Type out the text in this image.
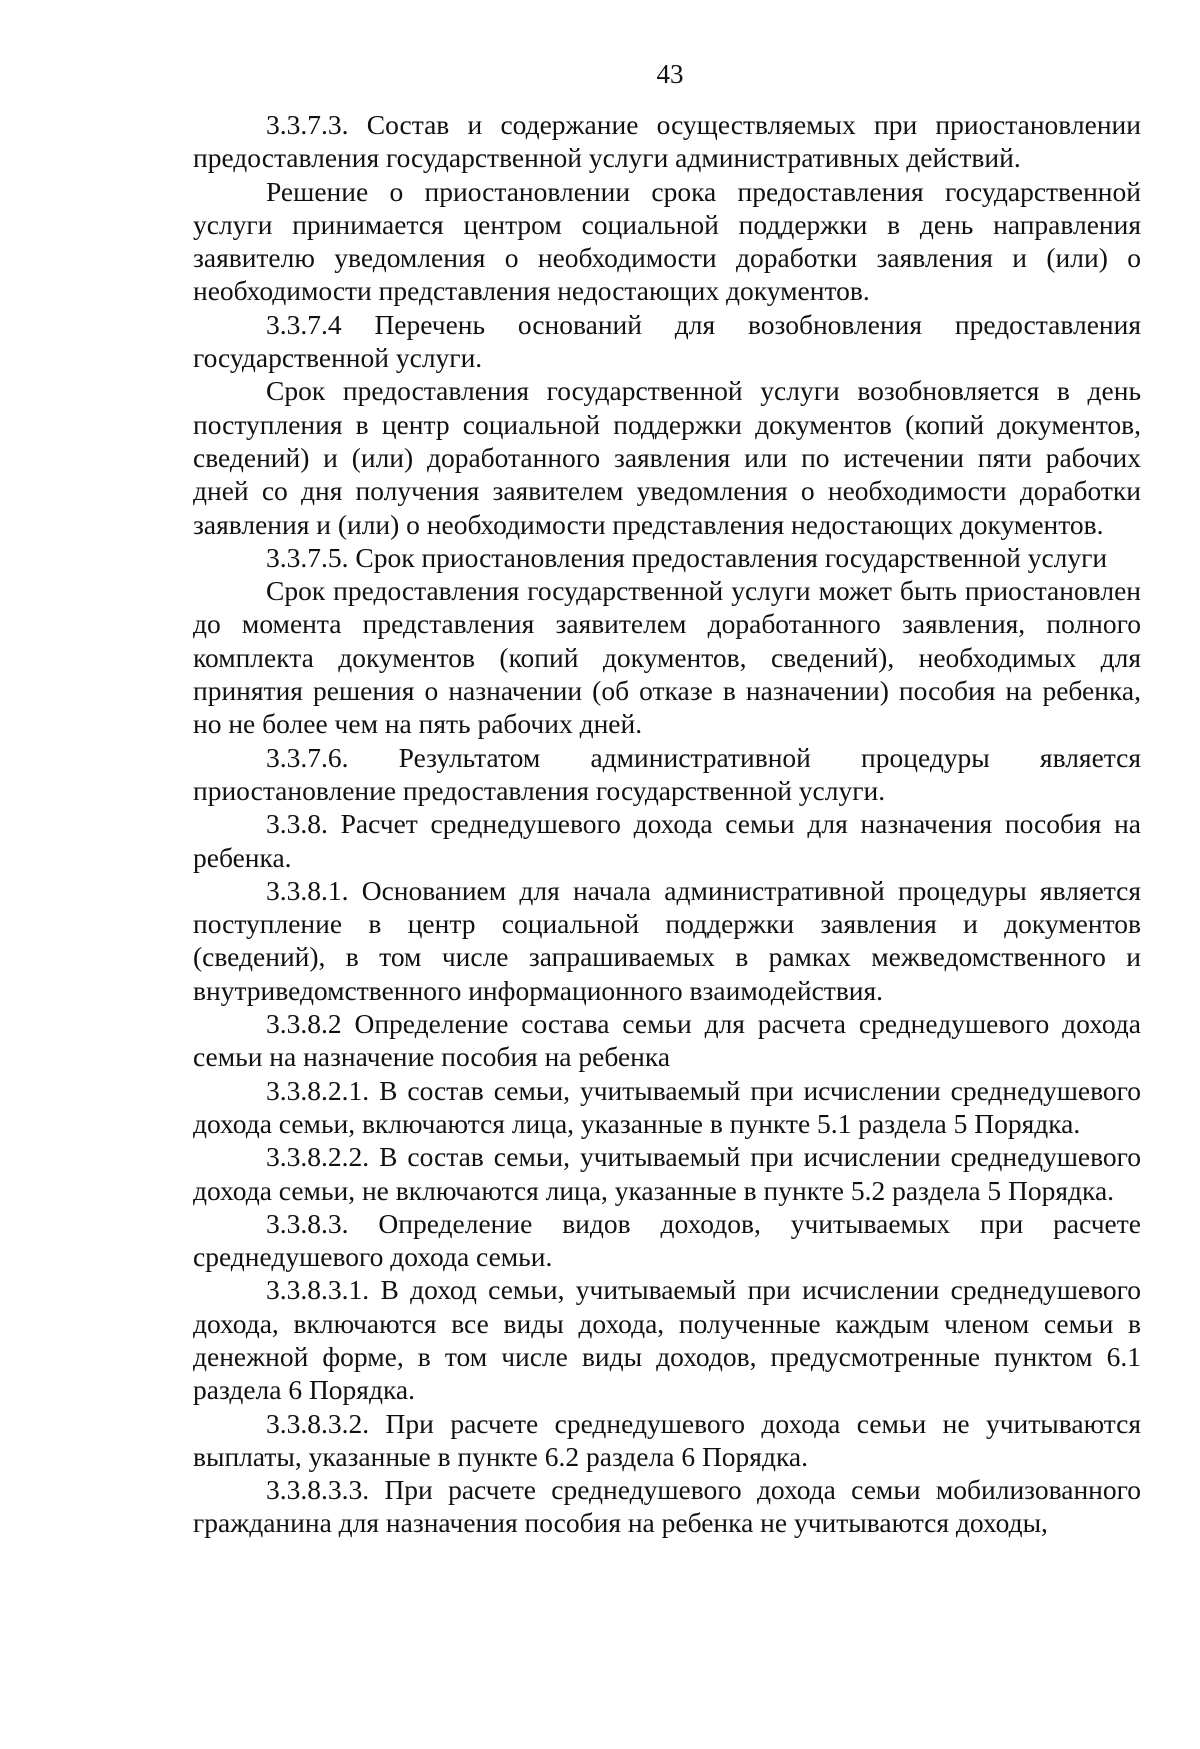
43

3.3.7.3. Состав и содержание осуществляемых при приостановлении предоставления государственной услуги административных действий.

Решение о приостановлении срока предоставления государственной услуги принимается центром социальной поддержки в день направления заявителю уведомления о необходимости доработки заявления и (или) о необходимости представления недостающих документов.

3.3.7.4 Перечень оснований для возобновления предоставления государственной услуги.

Срок предоставления государственной услуги возобновляется в день поступления в центр социальной поддержки документов (копий документов, сведений) и (или) доработанного заявления или по истечении пяти рабочих дней со дня получения заявителем уведомления о необходимости доработки заявления и (или) о необходимости представления недостающих документов.

3.3.7.5. Срок приостановления предоставления государственной услуги

Срок предоставления государственной услуги может быть приостановлен до момента представления заявителем доработанного заявления, полного комплекта документов (копий документов, сведений), необходимых для принятия решения о назначении (об отказе в назначении) пособия на ребенка, но не более чем на пять рабочих дней.

3.3.7.6. Результатом административной процедуры является приостановление предоставления государственной услуги.

3.3.8. Расчет среднедушевого дохода семьи для назначения пособия на ребенка.

3.3.8.1. Основанием для начала административной процедуры является поступление в центр социальной поддержки заявления и документов (сведений), в том числе запрашиваемых в рамках межведомственного и внутриведомственного информационного взаимодействия.

3.3.8.2 Определение состава семьи для расчета среднедушевого дохода семьи на назначение пособия на ребенка

3.3.8.2.1. В состав семьи, учитываемый при исчислении среднедушевого дохода семьи, включаются лица, указанные в пункте 5.1 раздела 5 Порядка.

3.3.8.2.2. В состав семьи, учитываемый при исчислении среднедушевого дохода семьи, не включаются лица, указанные в пункте 5.2 раздела 5 Порядка.

3.3.8.3. Определение видов доходов, учитываемых при расчете среднедушевого дохода семьи.

3.3.8.3.1. В доход семьи, учитываемый при исчислении среднедушевого дохода, включаются все виды дохода, полученные каждым членом семьи в денежной форме, в том числе виды доходов, предусмотренные пунктом 6.1 раздела 6 Порядка.

3.3.8.3.2. При расчете среднедушевого дохода семьи не учитываются выплаты, указанные в пункте 6.2 раздела 6 Порядка.

3.3.8.3.3. При расчете среднедушевого дохода семьи мобилизованного гражданина для назначения пособия на ребенка не учитываются доходы,
